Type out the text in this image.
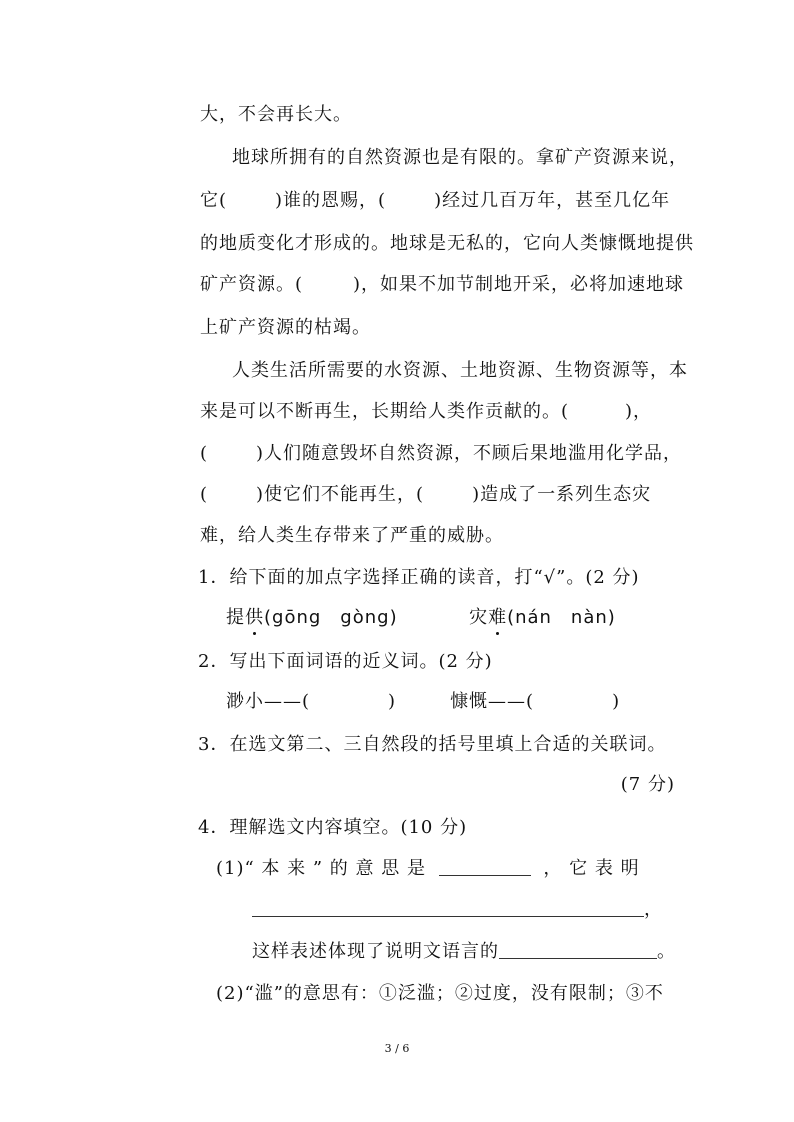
大，不会再长大。
地球所拥有的自然资源也是有限的。拿矿产资源来说，
它(	)谁的恩赐，(	)经过几百万年，甚至几亿年
的地质变化才形成的。地球是无私的，它向人类慷慨地提供
矿产资源。(	)，如果不加节制地开采，必将加速地球
上矿产资源的枯竭。
人类生活所需要的水资源、土地资源、生物资源等，本
来是可以不断再生，长期给人类作贡献的。(	)，
(	)人们随意毁坏自然资源，不顾后果地滥用化学品，
(	)使它们不能再生，(	)造成了一系列生态灾
难，给人类生存带来了严重的威胁。
1．给下面的加点字选择正确的读音，打“√”。(2 分)
提供(gōng　gòng)	灾难(nán　nàn)
2．写出下面词语的近义词。(2 分)
渺小——(	)	慷慨——(	)
3．在选文第二、三自然段的括号里填上合适的关联词。
(7 分)
4．理解选文内容填空。(10 分)
(1)“ 本 来 ” 的 意 思 是	， 它 表 明
，
这样表述体现了说明文语言的	。
(2)“滥”的意思有：①泛滥；②过度，没有限制；③不
3 / 6
